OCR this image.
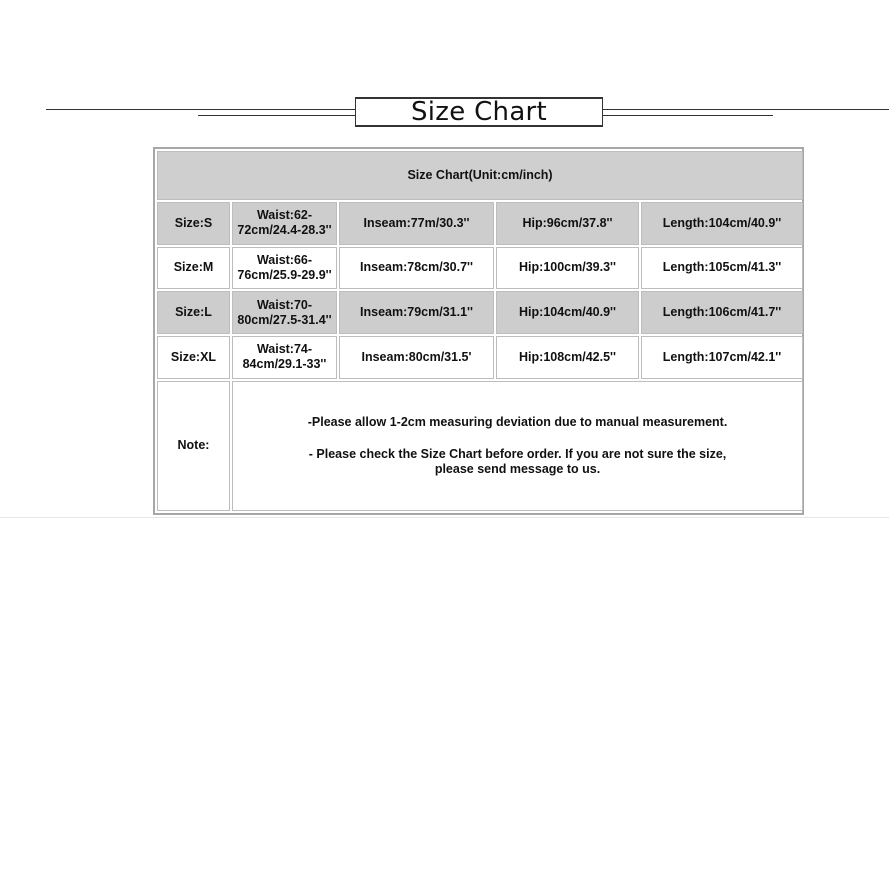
Size Chart
Size Chart(Unit:cm/inch)				
Size:S	Waist:62-
72cm/24.4-28.3''	Inseam:77m/30.3''	Hip:96cm/37.8''	Length:104cm/40.9''
Size:M	Waist:66-
76cm/25.9-29.9''	Inseam:78cm/30.7''	Hip:100cm/39.3''	Length:105cm/41.3''
Size:L	Waist:70-
80cm/27.5-31.4''	Inseam:79cm/31.1''	Hip:104cm/40.9''	Length:106cm/41.7''
Size:XL	Waist:74-
84cm/29.1-33''	Inseam:80cm/31.5'	Hip:108cm/42.5''	Length:107cm/42.1''
Note:	-Please allow 1-2cm measuring deviation due to manual measurement.
- Please check the Size Chart before order. If you are not sure the size,
please send message to us.			
